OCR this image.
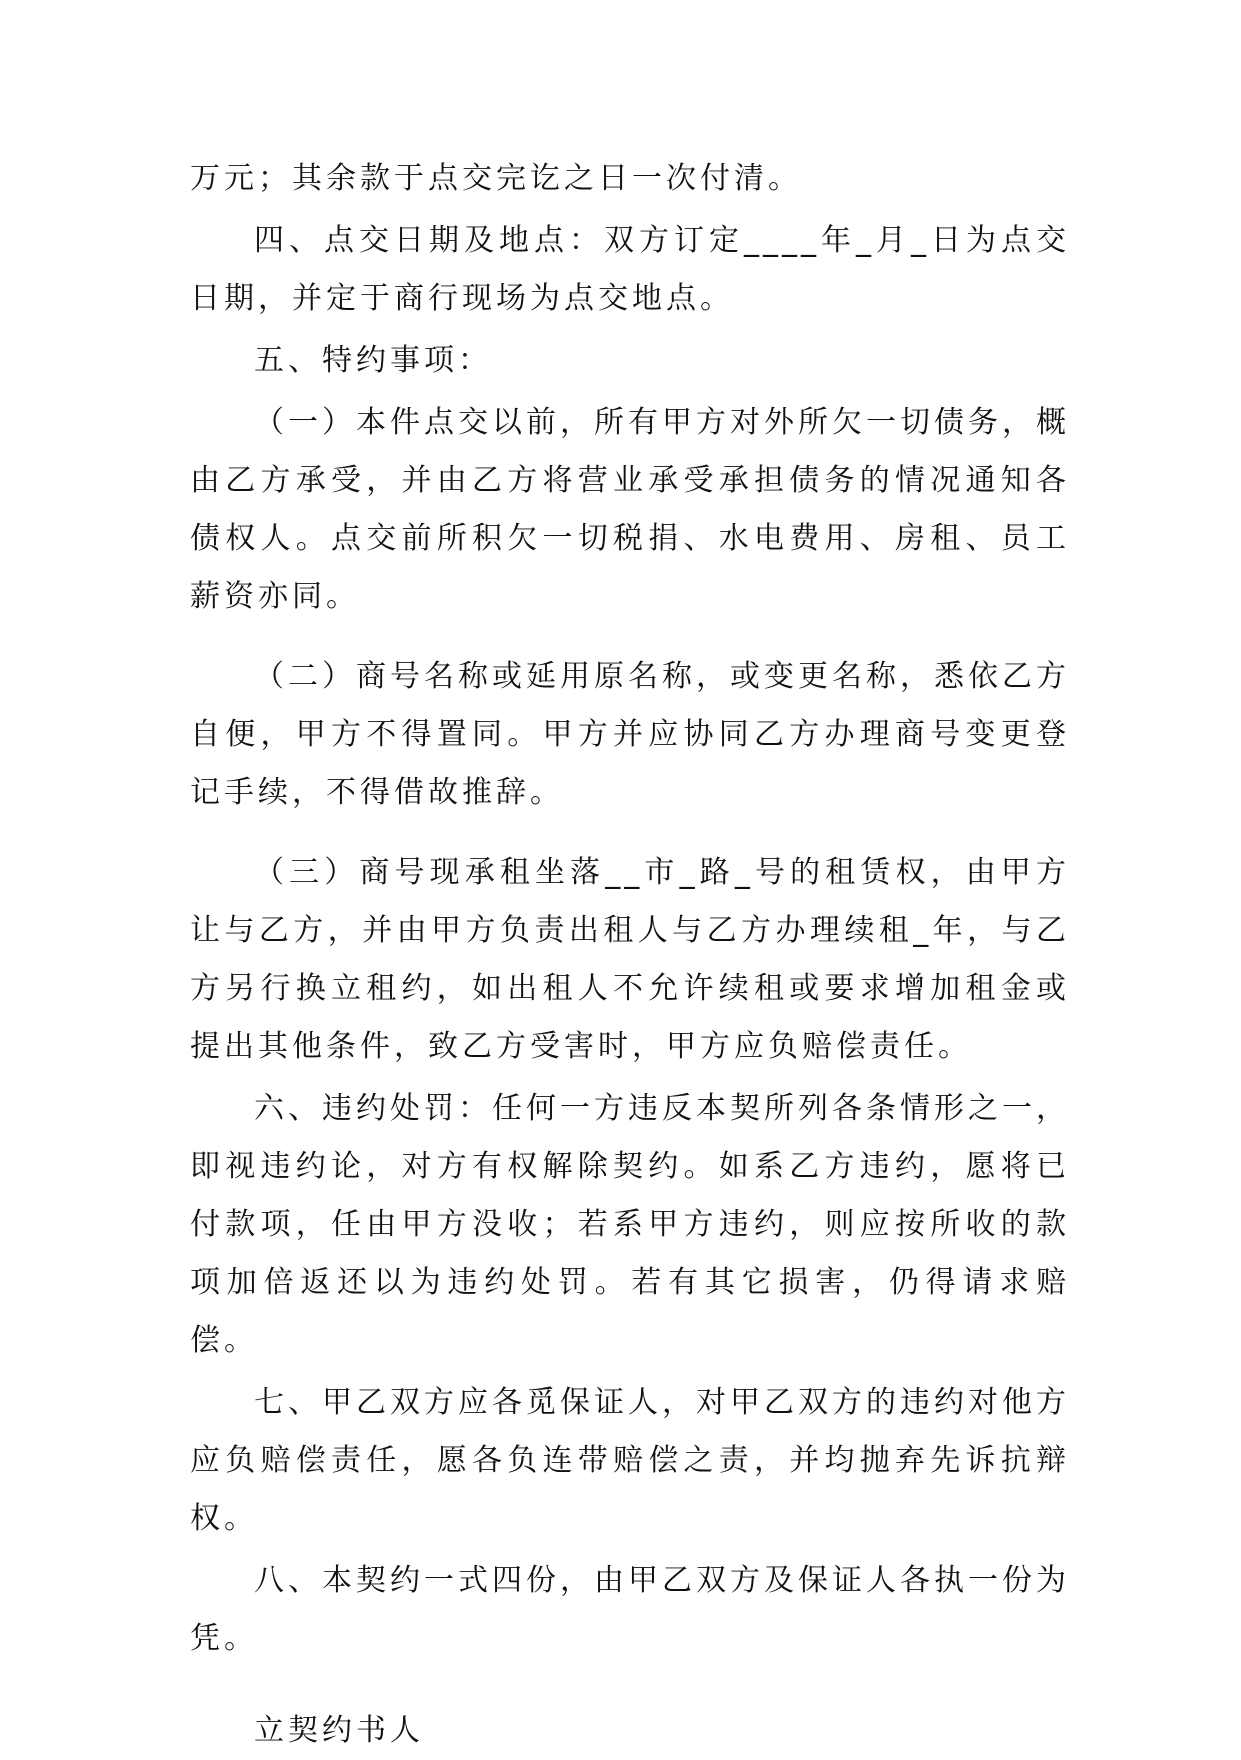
万元；其余款于点交完讫之日一次付清。

四、点交日期及地点：双方订定____年_月_日为点交日期，并定于商行现场为点交地点。

五、特约事项：

（一）本件点交以前，所有甲方对外所欠一切债务，概由乙方承受，并由乙方将营业承受承担债务的情况通知各债权人。点交前所积欠一切税捐、水电费用、房租、员工薪资亦同。

（二）商号名称或延用原名称，或变更名称，悉依乙方自便，甲方不得置同。甲方并应协同乙方办理商号变更登记手续，不得借故推辞。

（三）商号现承租坐落__市_路_号的租赁权，由甲方让与乙方，并由甲方负责出租人与乙方办理续租_年，与乙方另行换立租约，如出租人不允许续租或要求增加租金或提出其他条件，致乙方受害时，甲方应负赔偿责任。

六、违约处罚：任何一方违反本契所列各条情形之一，即视违约论，对方有权解除契约。如系乙方违约，愿将已付款项，任由甲方没收；若系甲方违约，则应按所收的款项加倍返还以为违约处罚。若有其它损害，仍得请求赔偿。

七、甲乙双方应各觅保证人，对甲乙双方的违约对他方应负赔偿责任，愿各负连带赔偿之责，并均抛弃先诉抗辩权。

八、本契约一式四份，由甲乙双方及保证人各执一份为凭。

立契约书人
